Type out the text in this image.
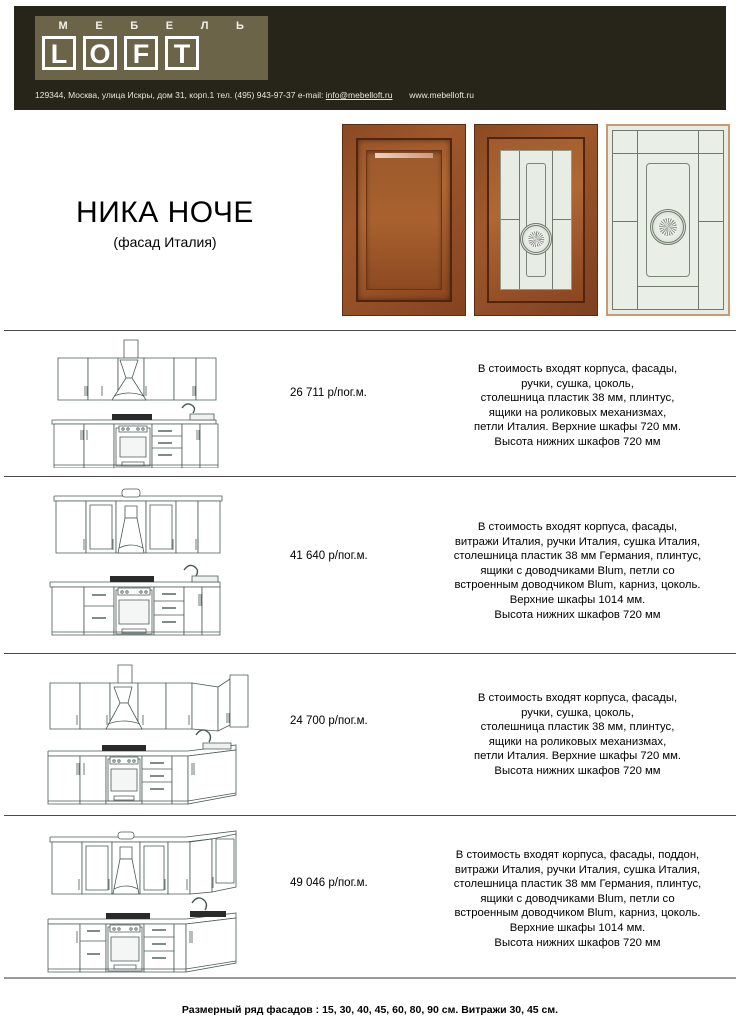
М Е Б Е Л Ь
L O F T
129344, Москва, улица Искры, дом 31, корп.1 тел. (495) 943-97-37 e-mail: info@mebelloft.ru www.mebelloft.ru
НИКА НОЧЕ
(фасад Италия)
26 711 р/пог.м.
В стоимость входят корпуса, фасады,
ручки, сушка, цоколь,
столешница пластик 38 мм, плинтус,
ящики на роликовых механизмах,
петли Италия. Верхние шкафы 720 мм.
Высота нижних шкафов 720 мм
41 640 р/пог.м.
В стоимость входят корпуса, фасады,
витражи Италия, ручки Италия, сушка Италия,
столешница пластик 38 мм Германия, плинтус,
ящики с доводчиками Blum, петли со
встроенным доводчиком Blum, карниз, цоколь.
Верхние шкафы 1014 мм.
Высота нижних шкафов 720 мм
24 700 р/пог.м.
В стоимость входят корпуса, фасады,
ручки, сушка, цоколь,
столешница пластик 38 мм, плинтус,
ящики на роликовых механизмах,
петли Италия. Верхние шкафы 720 мм.
Высота нижних шкафов 720 мм
49 046 р/пог.м.
В стоимость входят корпуса, фасады, поддон,
витражи Италия, ручки Италия, сушка Италия,
столешница пластик 38 мм Германия, плинтус,
ящики с доводчиками Blum, петли со
встроенным доводчиком Blum, карниз, цоколь.
Верхние шкафы 1014 мм.
Высота нижних шкафов 720 мм
Размерный ряд фасадов : 15, 30, 40, 45, 60, 80, 90 см. Витражи 30, 45 см.
